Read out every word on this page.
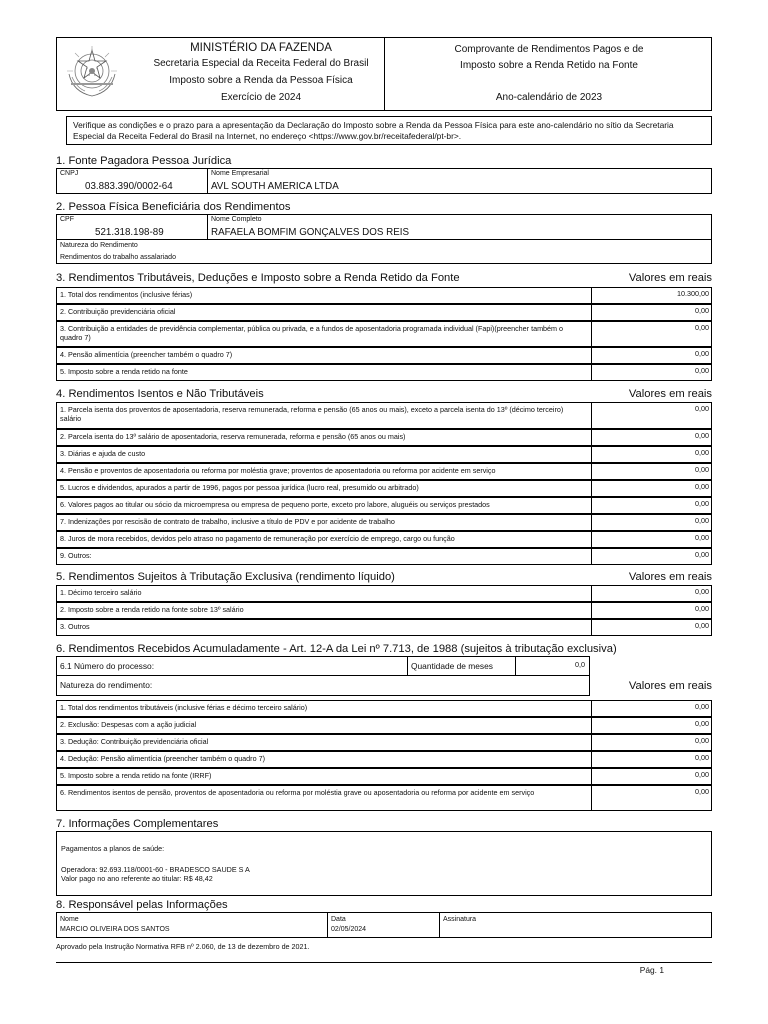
MINISTÉRIO DA FAZENDA
Secretaria Especial da Receita Federal do Brasil
Imposto sobre a Renda da Pessoa Física
Exercício de 2024
Comprovante de Rendimentos Pagos e de
Imposto sobre a Renda Retido na Fonte
Ano-calendário de 2023
Verifique as condições e o prazo para a apresentação da Declaração do Imposto sobre a Renda da Pessoa Física para este ano-calendário no sítio da Secretaria Especial da Receita Federal do Brasil na Internet, no endereço <https://www.gov.br/receitafederal/pt-br>.
1. Fonte Pagadora Pessoa Jurídica
CNPJ
03.883.390/0002-64
Nome Empresarial
AVL SOUTH AMERICA LTDA
2. Pessoa Física Beneficiária dos Rendimentos
CPF
521.318.198-89
Nome Completo
RAFAELA BOMFIM GONÇALVES DOS REIS
Natureza do Rendimento
Rendimentos do trabalho assalariado
3. Rendimentos Tributáveis, Deduções e Imposto sobre a Renda Retido da Fonte	Valores em reais
1. Total dos rendimentos (inclusive férias)	10.300,00
2. Contribuição previdenciária oficial	0,00
3. Contribuição a entidades de previdência complementar, pública ou privada, e a fundos de aposentadoria programada individual (Fapi)(preencher também o quadro 7)
0,00
4. Pensão alimentícia (preencher também o quadro 7)	0,00
5. Imposto sobre a renda retido na fonte	0,00
4. Rendimentos Isentos e Não Tributáveis	Valores em reais
1. Parcela isenta dos proventos de aposentadoria, reserva remunerada, reforma e pensão (65 anos ou mais), exceto a parcela isenta do 13º (décimo terceiro) salário
0,00
2. Parcela isenta do 13º salário de aposentadoria, reserva remunerada, reforma e pensão (65 anos ou mais)	0,00
3. Diárias e ajuda de custo	0,00
4. Pensão e proventos de aposentadoria ou reforma por moléstia grave; proventos de aposentadoria ou reforma por acidente em serviço	0,00
5. Lucros e dividendos, apurados a partir de 1996, pagos por pessoa jurídica (lucro real, presumido ou arbitrado)	0,00
6. Valores pagos ao titular ou sócio da microempresa ou empresa de pequeno porte, exceto pro labore, aluguéis ou serviços prestados	0,00
7. Indenizações por rescisão de contrato de trabalho, inclusive a título de PDV e por acidente de trabalho	0,00
8. Juros de mora recebidos, devidos pelo atraso no pagamento de remuneração por exercício de emprego, cargo ou função	0,00
9. Outros:	0,00
5. Rendimentos Sujeitos à Tributação Exclusiva (rendimento líquido)	Valores em reais
1. Décimo terceiro salário	0,00
2. Imposto sobre a renda retido na fonte sobre 13º salário	0,00
3. Outros	0,00
6. Rendimentos Recebidos Acumuladamente - Art. 12-A da Lei nº 7.713, de 1988 (sujeitos à tributação exclusiva)
6.1 Número do processo:	Quantidade de meses	0,0
Natureza do rendimento:	Valores em reais
1. Total dos rendimentos tributáveis (inclusive férias e décimo terceiro salário)	0,00
2. Exclusão: Despesas com a ação judicial	0,00
3. Dedução: Contribuição previdenciária oficial	0,00
4. Dedução: Pensão alimentícia (preencher também o quadro 7)	0,00
5. Imposto sobre a renda retido na fonte (IRRF)	0,00
6. Rendimentos isentos de pensão, proventos de aposentadoria ou reforma por moléstia grave ou aposentadoria ou reforma por acidente em serviço	0,00
7. Informações Complementares
Pagamentos a planos de saúde:
Operadora: 92.693.118/0001-60 - BRADESCO SAUDE S A
Valor pago no ano referente ao titular: R$ 48,42
8. Responsável pelas Informações
Nome
MARCIO OLIVEIRA DOS SANTOS
Data
02/05/2024
Assinatura
Aprovado pela Instrução Normativa RFB nº 2.060, de 13 de dezembro de 2021.
Pág. 1
